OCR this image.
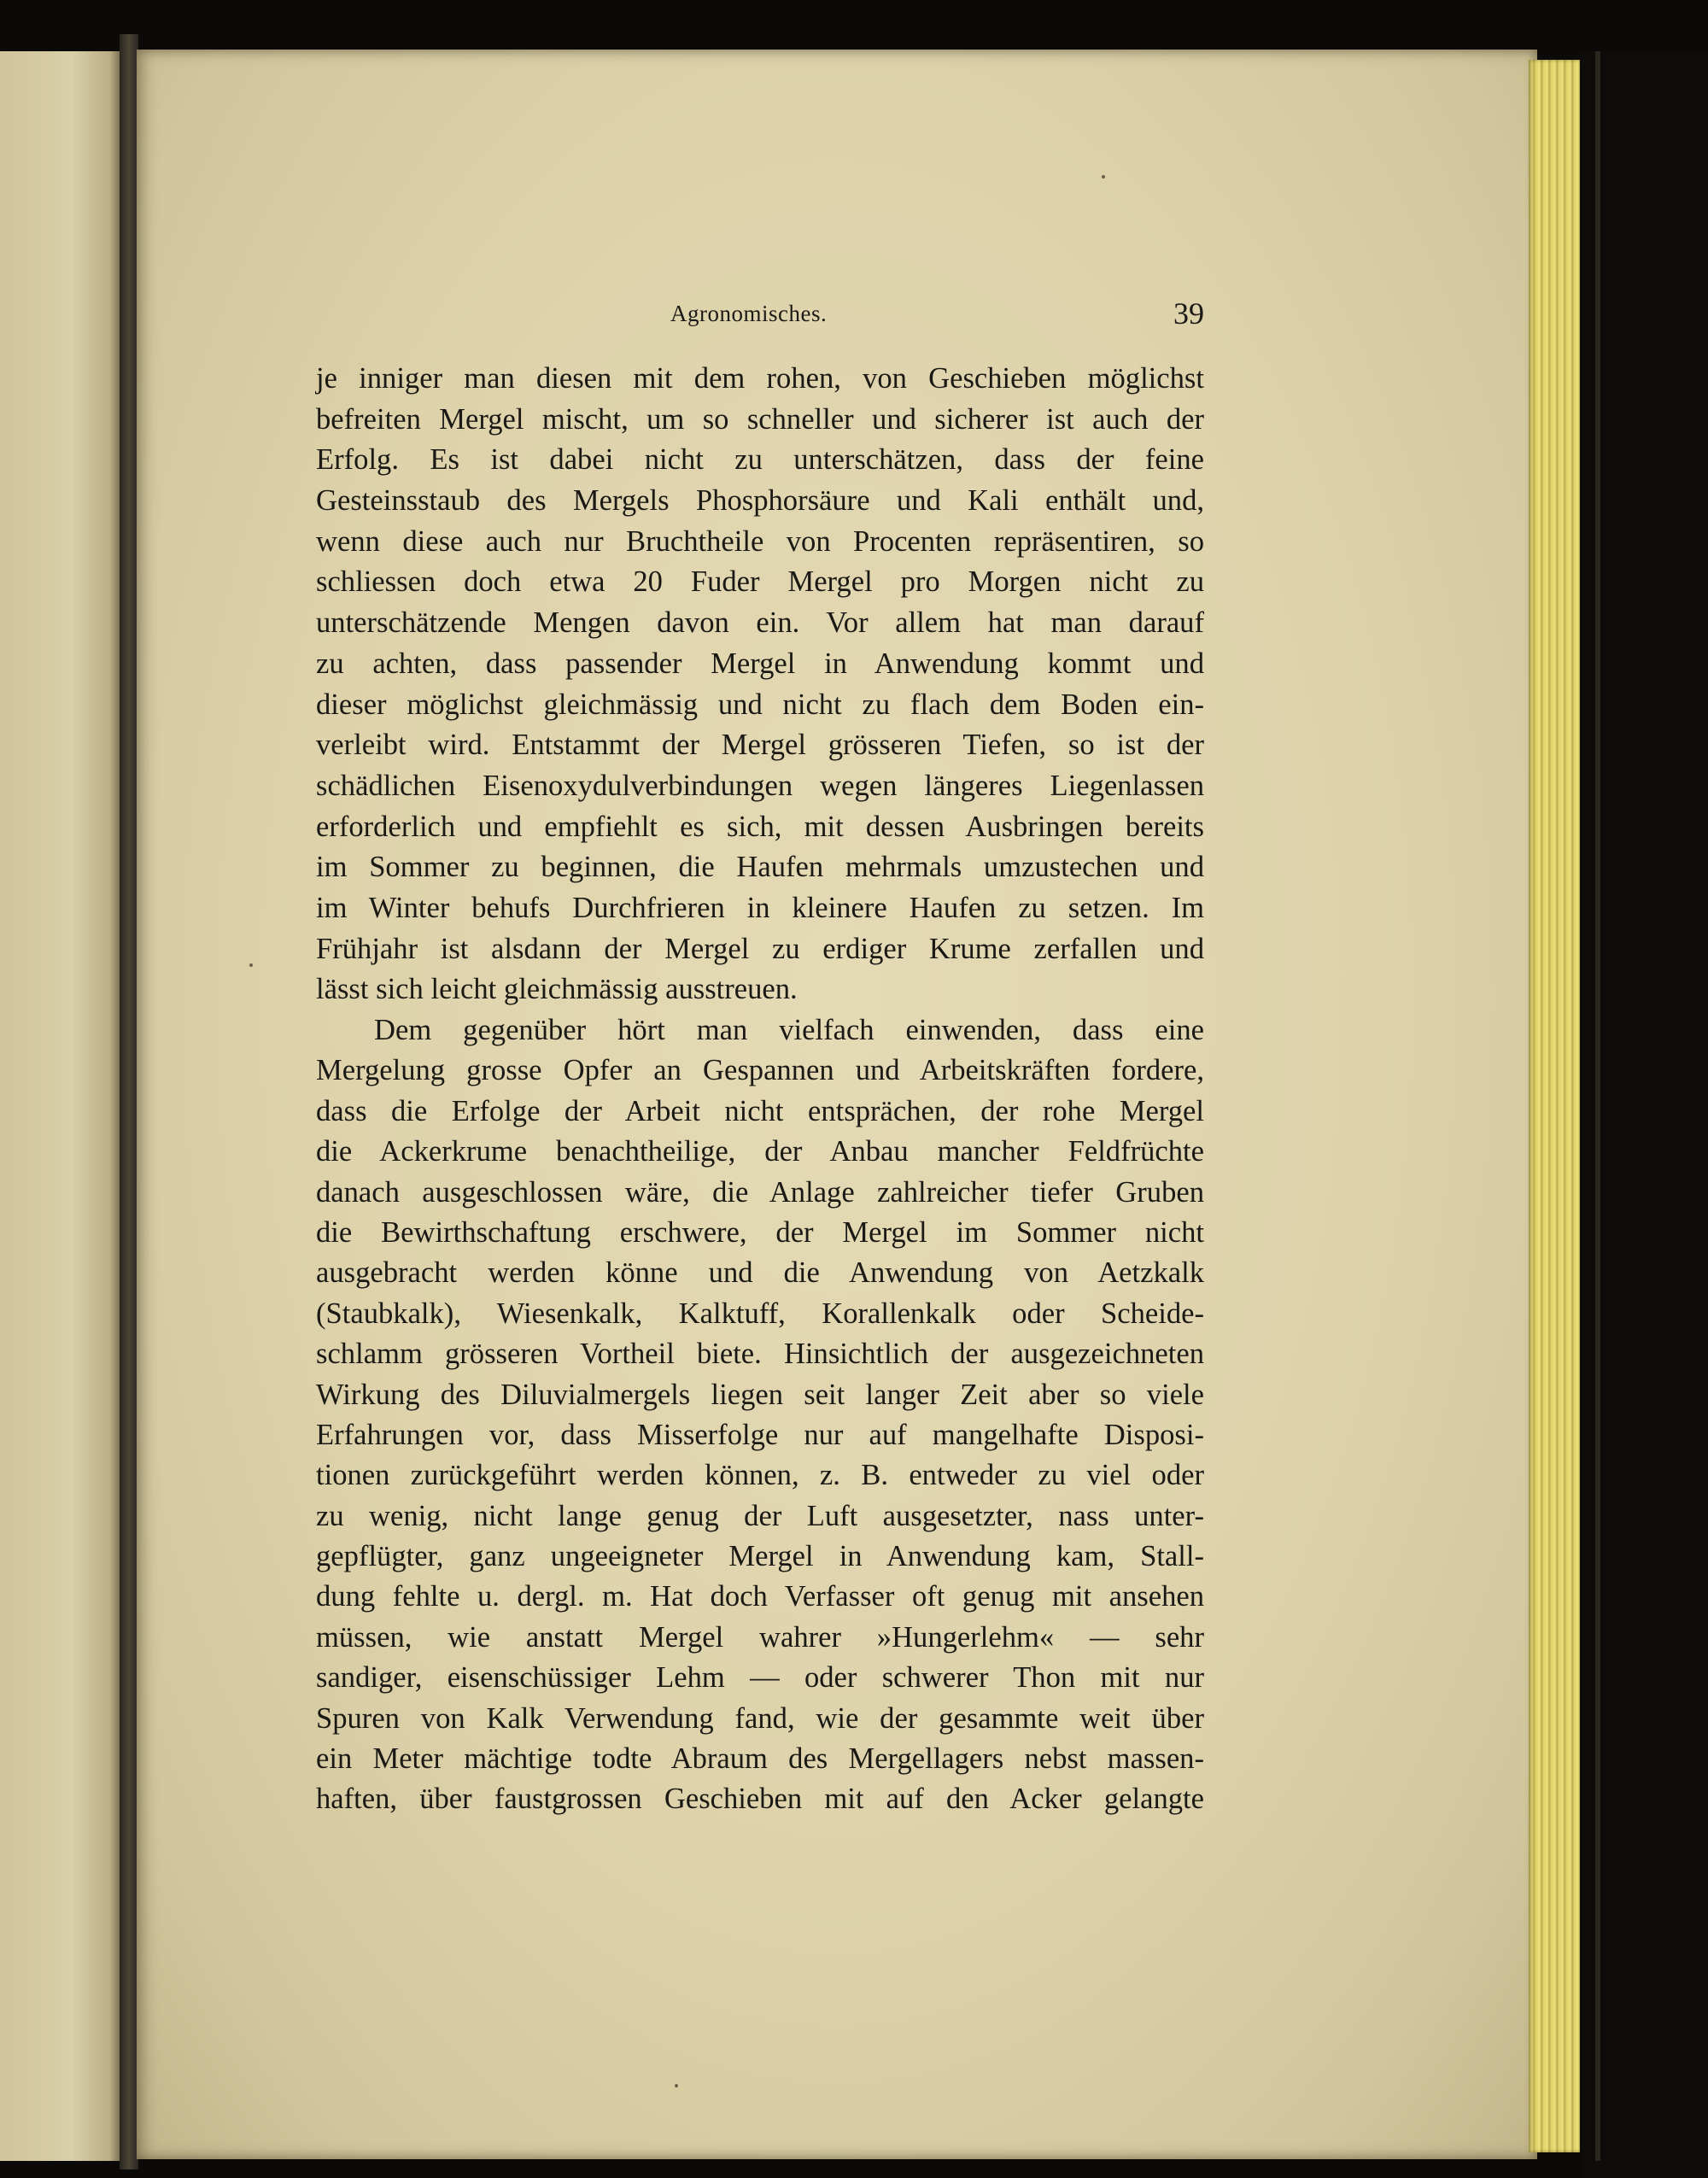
Agronomisches.	39
je inniger man diesen mit dem rohen, von Geschieben möglichst
befreiten Mergel mischt, um so schneller und sicherer ist auch der
Erfolg. Es ist dabei nicht zu unterschätzen, dass der feine
Gesteinsstaub des Mergels Phosphorsäure und Kali enthält und,
wenn diese auch nur Bruchtheile von Procenten repräsentiren, so
schliessen doch etwa 20 Fuder Mergel pro Morgen nicht zu
unterschätzende Mengen davon ein. Vor allem hat man darauf
zu achten, dass passender Mergel in Anwendung kommt und
dieser möglichst gleichmässig und nicht zu flach dem Boden ein-
verleibt wird. Entstammt der Mergel grösseren Tiefen, so ist der
schädlichen Eisenoxydulverbindungen wegen längeres Liegenlassen
erforderlich und empfiehlt es sich, mit dessen Ausbringen bereits
im Sommer zu beginnen, die Haufen mehrmals umzustechen und
im Winter behufs Durchfrieren in kleinere Haufen zu setzen. Im
Frühjahr ist alsdann der Mergel zu erdiger Krume zerfallen und
lässt sich leicht gleichmässig ausstreuen.
Dem gegenüber hört man vielfach einwenden, dass eine
Mergelung grosse Opfer an Gespannen und Arbeitskräften fordere,
dass die Erfolge der Arbeit nicht entsprächen, der rohe Mergel
die Ackerkrume benachtheilige, der Anbau mancher Feldfrüchte
danach ausgeschlossen wäre, die Anlage zahlreicher tiefer Gruben
die Bewirthschaftung erschwere, der Mergel im Sommer nicht
ausgebracht werden könne und die Anwendung von Aetzkalk
(Staubkalk), Wiesenkalk, Kalktuff, Korallenkalk oder Scheide-
schlamm grösseren Vortheil biete. Hinsichtlich der ausgezeichneten
Wirkung des Diluvialmergels liegen seit langer Zeit aber so viele
Erfahrungen vor, dass Misserfolge nur auf mangelhafte Disposi-
tionen zurückgeführt werden können, z. B. entweder zu viel oder
zu wenig, nicht lange genug der Luft ausgesetzter, nass unter-
gepflügter, ganz ungeeigneter Mergel in Anwendung kam, Stall-
dung fehlte u. dergl. m. Hat doch Verfasser oft genug mit ansehen
müssen, wie anstatt Mergel wahrer »Hungerlehm« — sehr
sandiger, eisenschüssiger Lehm — oder schwerer Thon mit nur
Spuren von Kalk Verwendung fand, wie der gesammte weit über
ein Meter mächtige todte Abraum des Mergellagers nebst massen-
haften, über faustgrossen Geschieben mit auf den Acker gelangte
